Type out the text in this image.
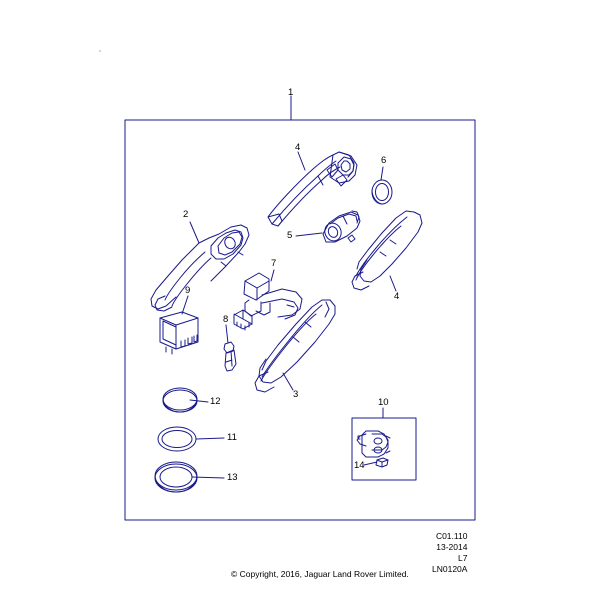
1
2
3
4
4
5
6
7
8
9
10
11
12
13
14
C01.110
13-2014
L7
LN0120A
© Copyright, 2016, Jaguar Land Rover Limited.
